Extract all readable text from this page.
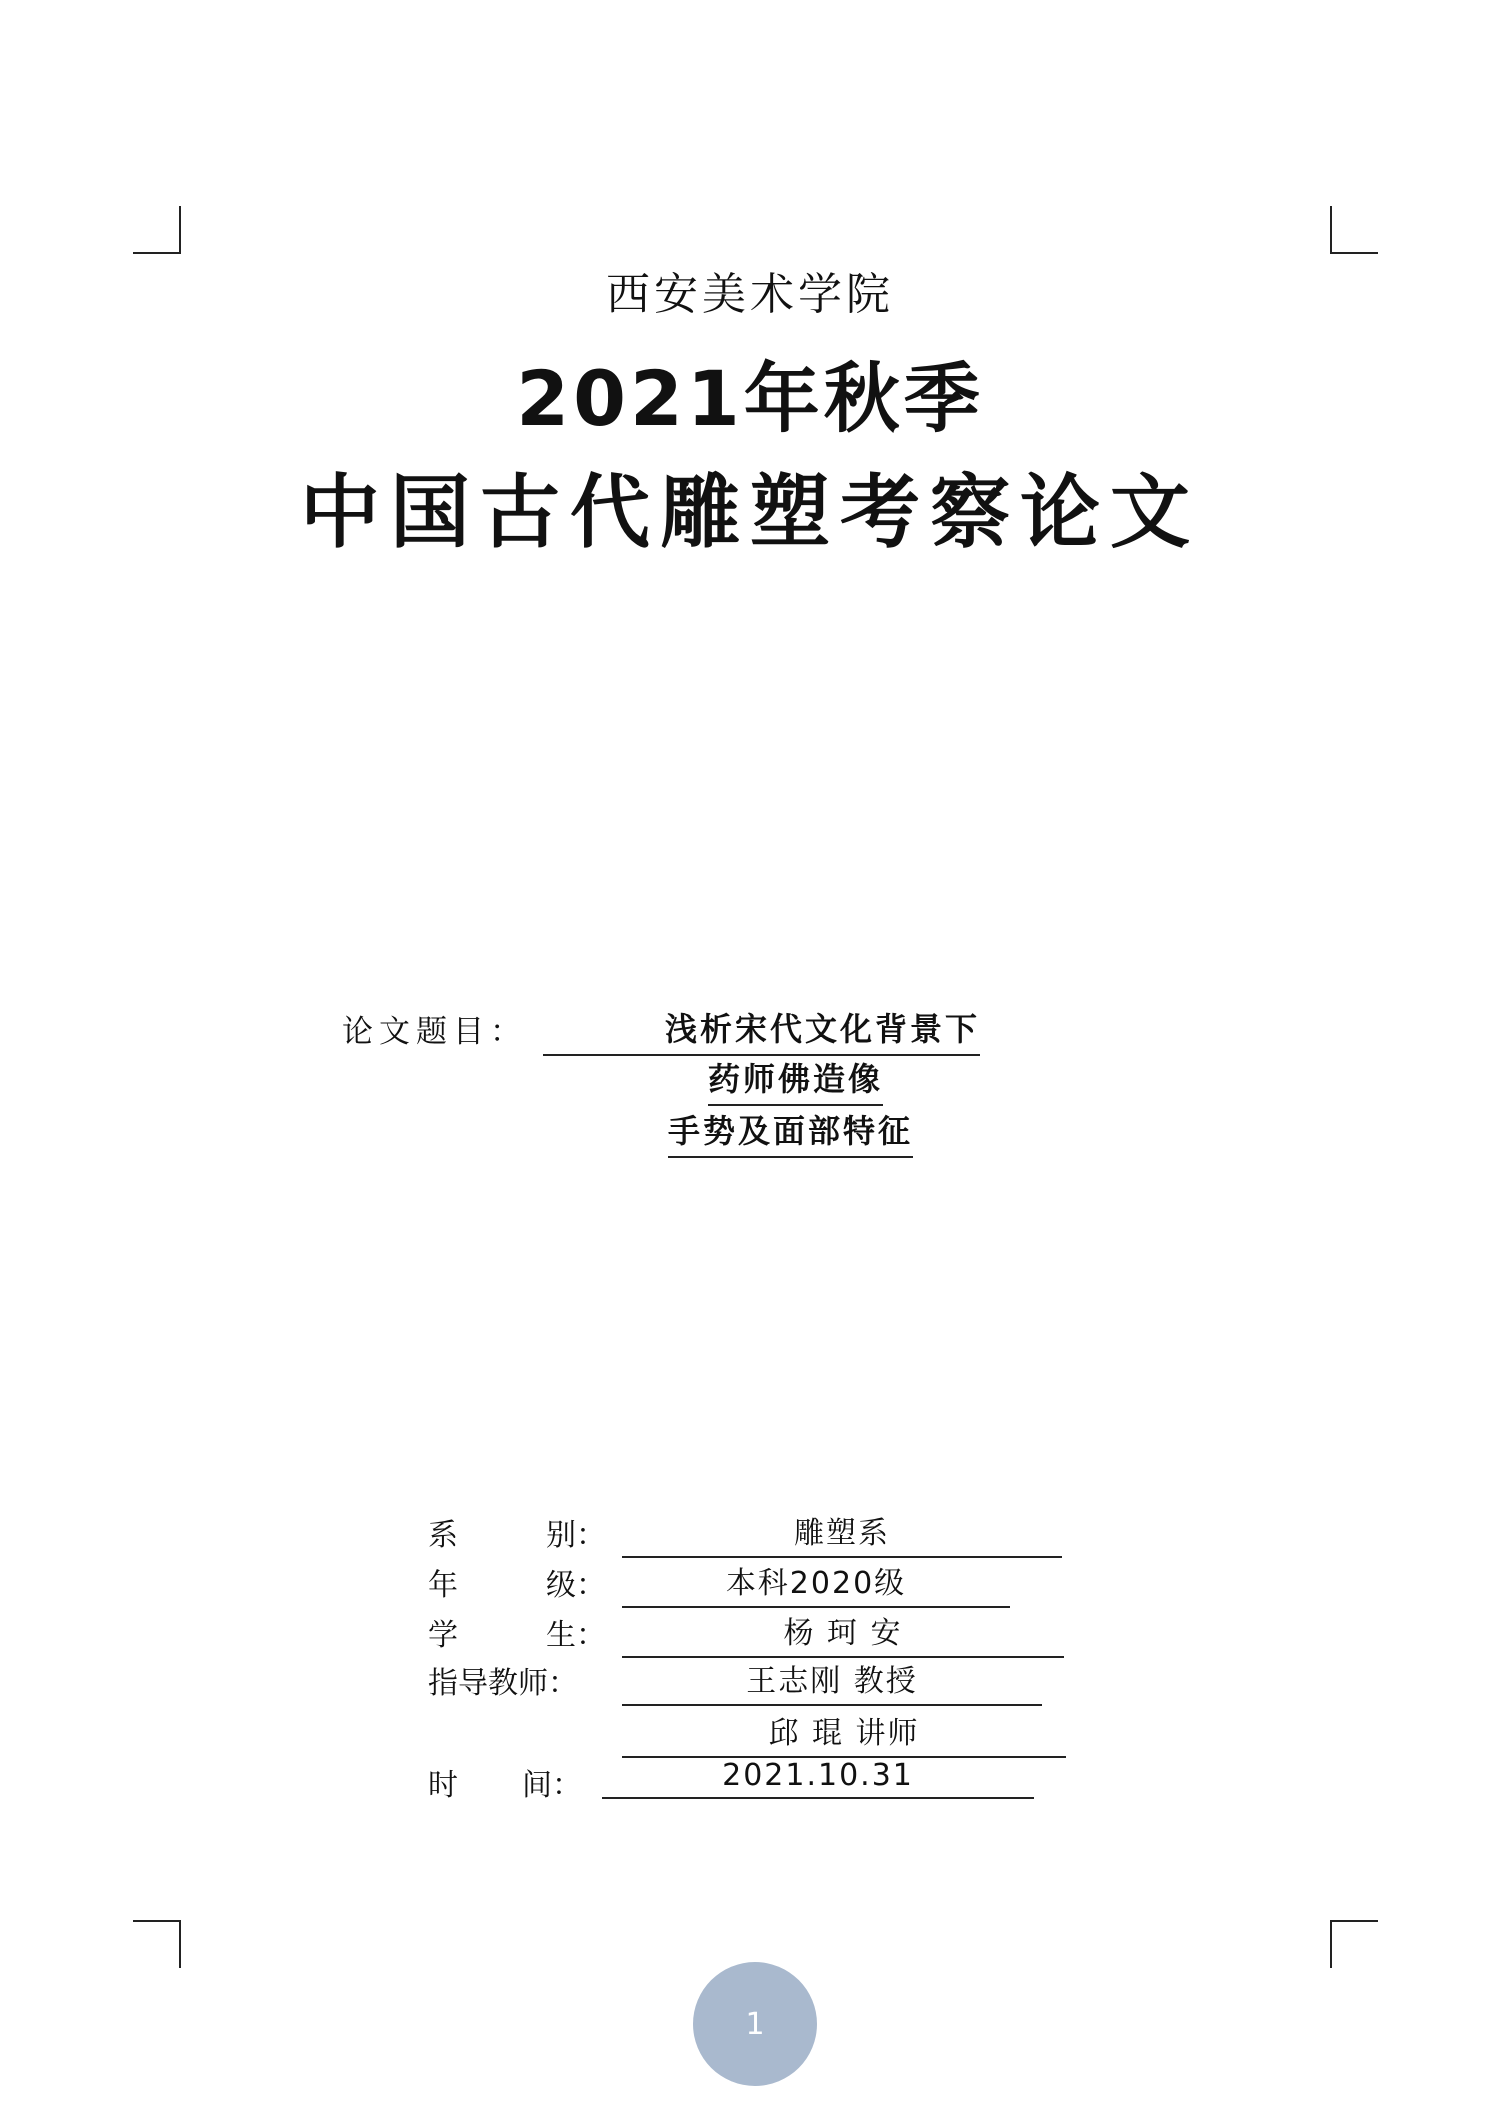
西安美术学院
2021年秋季
中国古代雕塑考察论文
论文题目：	浅析宋代文化背景下
药师佛造像
手势及面部特征
系	别：	雕塑系
年	级：	本科2020级
学	生：	杨 珂 安
指导教师：	王志刚 教授
邱 琨 讲师
时 间：	2021.10.31
1
